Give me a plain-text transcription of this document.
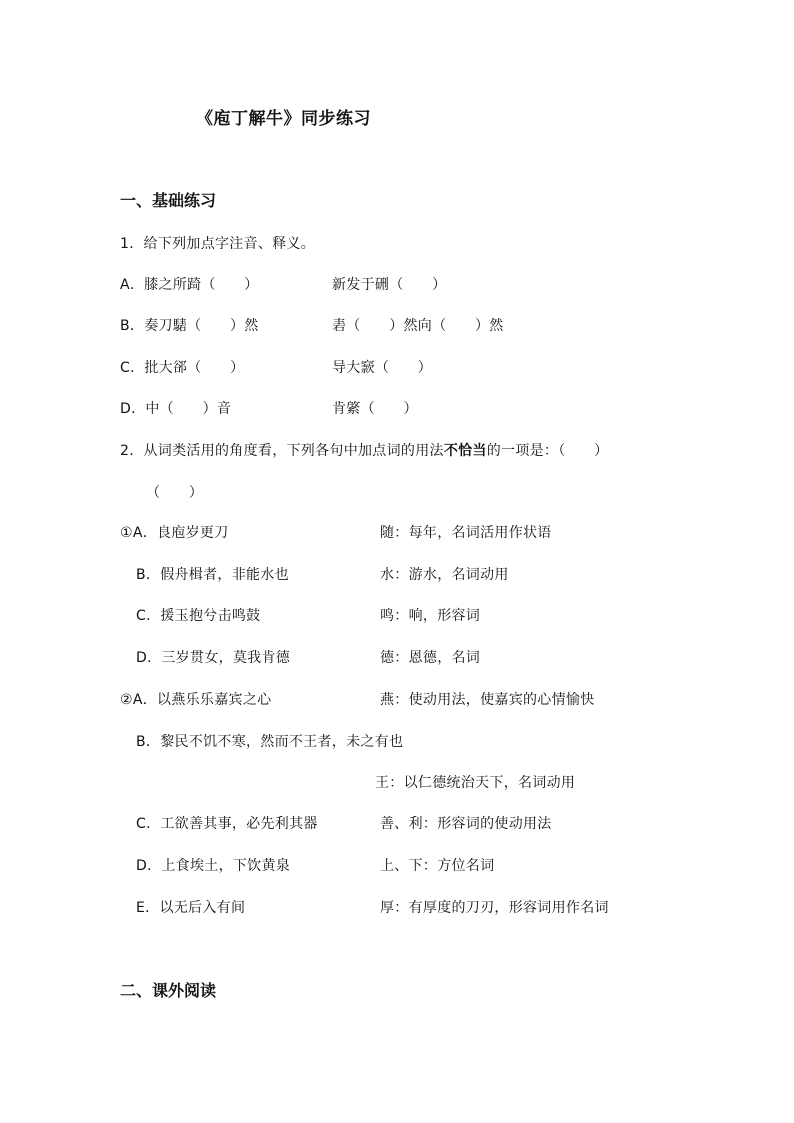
《庖丁解牛》同步练习
一、基础练习
1．给下列加点字注音、释义。
A．膝之所踦（　　）	新发于硎（　　）
B．奏刀騞（　　）然	砉（　　）然向（　　）然
C．批大郤（　　）	导大窾（　　）
D．中（　　）音	肯綮（　　）
2．从词类活用的角度看，下列各句中加点词的用法不恰当的一项是：（　　）
（　　）
①A．良庖岁更刀	随：每年，名词活用作状语
B．假舟楫者，非能水也	水：游水，名词动用
C．援玉抱兮击鸣鼓	鸣：响，形容词
D．三岁贯女，莫我肯德	德：恩德，名词
②A．以燕乐乐嘉宾之心	燕：使动用法，使嘉宾的心情愉快
B．黎民不饥不寒，然而不王者，未之有也
王：以仁德统治天下，名词动用
C．工欲善其事，必先利其器	善、利：形容词的使动用法
D．上食埃土，下饮黄泉	上、下：方位名词
E．以无后入有间	厚：有厚度的刀刃，形容词用作名词
二、课外阅读
